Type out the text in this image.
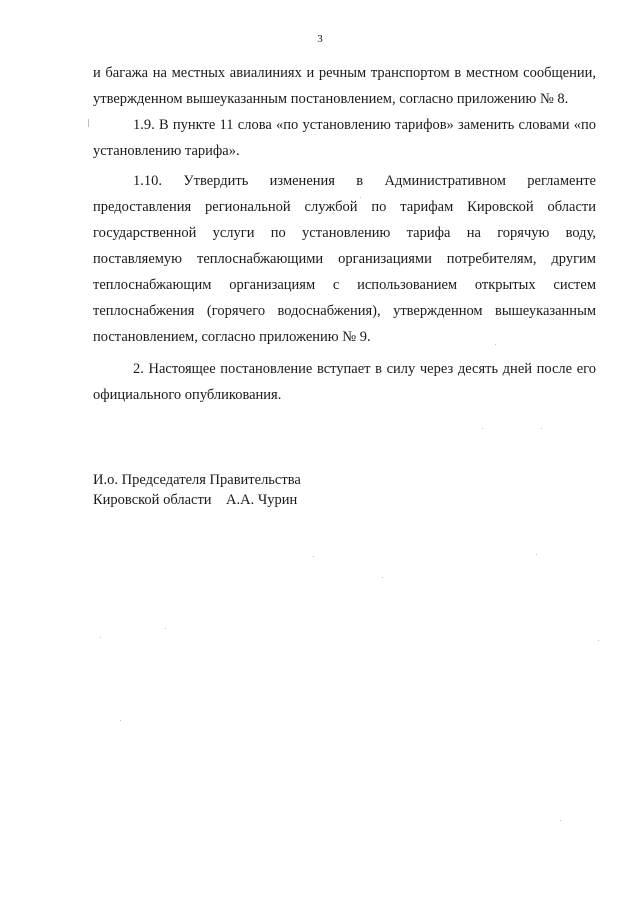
3

и багажа на местных авиалиниях и речным транспортом в местном сообщении, утвержденном вышеуказанным постановлением, согласно приложению № 8.

1.9. В пункте 11 слова «по установлению тарифов» заменить словами «по установлению тарифа».

1.10. Утвердить изменения в Административном регламенте предоставления региональной службой по тарифам Кировской области государственной услуги по установлению тарифа на горячую воду, поставляемую теплоснабжающими организациями потребителям, другим теплоснабжающим организациям с использованием открытых систем теплоснабжения (горячего водоснабжения), утвержденном вышеуказанным постановлением, согласно приложению № 9.

2. Настоящее постановление вступает в силу через десять дней после его официального опубликования.

И.о. Председателя Правительства
Кировской области    А.А. Чурин
